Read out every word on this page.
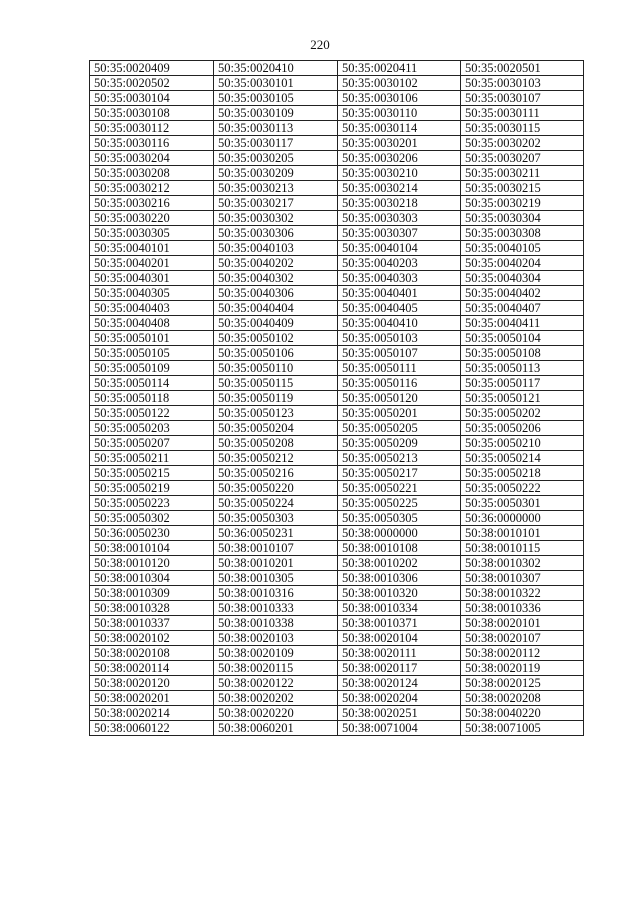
220
50:35:0020409	50:35:0020410	50:35:0020411	50:35:0020501
50:35:0020502	50:35:0030101	50:35:0030102	50:35:0030103
50:35:0030104	50:35:0030105	50:35:0030106	50:35:0030107
50:35:0030108	50:35:0030109	50:35:0030110	50:35:0030111
50:35:0030112	50:35:0030113	50:35:0030114	50:35:0030115
50:35:0030116	50:35:0030117	50:35:0030201	50:35:0030202
50:35:0030204	50:35:0030205	50:35:0030206	50:35:0030207
50:35:0030208	50:35:0030209	50:35:0030210	50:35:0030211
50:35:0030212	50:35:0030213	50:35:0030214	50:35:0030215
50:35:0030216	50:35:0030217	50:35:0030218	50:35:0030219
50:35:0030220	50:35:0030302	50:35:0030303	50:35:0030304
50:35:0030305	50:35:0030306	50:35:0030307	50:35:0030308
50:35:0040101	50:35:0040103	50:35:0040104	50:35:0040105
50:35:0040201	50:35:0040202	50:35:0040203	50:35:0040204
50:35:0040301	50:35:0040302	50:35:0040303	50:35:0040304
50:35:0040305	50:35:0040306	50:35:0040401	50:35:0040402
50:35:0040403	50:35:0040404	50:35:0040405	50:35:0040407
50:35:0040408	50:35:0040409	50:35:0040410	50:35:0040411
50:35:0050101	50:35:0050102	50:35:0050103	50:35:0050104
50:35:0050105	50:35:0050106	50:35:0050107	50:35:0050108
50:35:0050109	50:35:0050110	50:35:0050111	50:35:0050113
50:35:0050114	50:35:0050115	50:35:0050116	50:35:0050117
50:35:0050118	50:35:0050119	50:35:0050120	50:35:0050121
50:35:0050122	50:35:0050123	50:35:0050201	50:35:0050202
50:35:0050203	50:35:0050204	50:35:0050205	50:35:0050206
50:35:0050207	50:35:0050208	50:35:0050209	50:35:0050210
50:35:0050211	50:35:0050212	50:35:0050213	50:35:0050214
50:35:0050215	50:35:0050216	50:35:0050217	50:35:0050218
50:35:0050219	50:35:0050220	50:35:0050221	50:35:0050222
50:35:0050223	50:35:0050224	50:35:0050225	50:35:0050301
50:35:0050302	50:35:0050303	50:35:0050305	50:36:0000000
50:36:0050230	50:36:0050231	50:38:0000000	50:38:0010101
50:38:0010104	50:38:0010107	50:38:0010108	50:38:0010115
50:38:0010120	50:38:0010201	50:38:0010202	50:38:0010302
50:38:0010304	50:38:0010305	50:38:0010306	50:38:0010307
50:38:0010309	50:38:0010316	50:38:0010320	50:38:0010322
50:38:0010328	50:38:0010333	50:38:0010334	50:38:0010336
50:38:0010337	50:38:0010338	50:38:0010371	50:38:0020101
50:38:0020102	50:38:0020103	50:38:0020104	50:38:0020107
50:38:0020108	50:38:0020109	50:38:0020111	50:38:0020112
50:38:0020114	50:38:0020115	50:38:0020117	50:38:0020119
50:38:0020120	50:38:0020122	50:38:0020124	50:38:0020125
50:38:0020201	50:38:0020202	50:38:0020204	50:38:0020208
50:38:0020214	50:38:0020220	50:38:0020251	50:38:0040220
50:38:0060122	50:38:0060201	50:38:0071004	50:38:0071005
